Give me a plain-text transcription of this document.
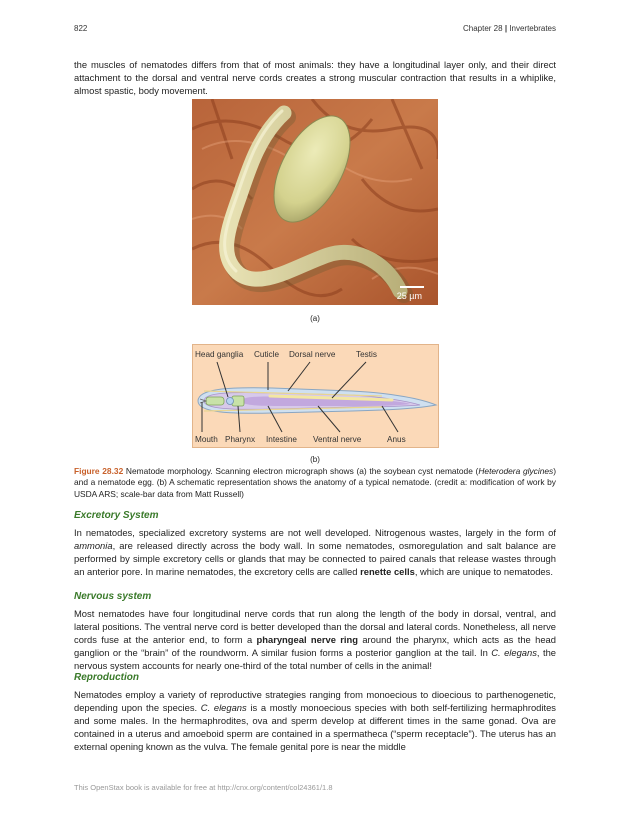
822	Chapter 28 | Invertebrates

the muscles of nematodes differs from that of most animals: they have a longitudinal layer only, and their direct attachment to the dorsal and ventral nerve cords creates a strong muscular contraction that results in a whiplike, almost spastic, body movement.

25 µm
(a)
Head ganglia Cuticle Dorsal nerve	Testis
Mouth Pharynx Intestine Ventral nerve	Anus
(b)
Figure 28.32 Nematode morphology. Scanning electron micrograph shows (a) the soybean cyst nematode (Heterodera glycines) and a nematode egg. (b) A schematic representation shows the anatomy of a typical nematode. (credit a: modification of work by USDA ARS; scale-bar data from Matt Russell)
Excretory System

In nematodes, specialized excretory systems are not well developed. Nitrogenous wastes, largely in the form of ammonia, are released directly across the body wall. In some nematodes, osmoregulation and salt balance are performed by simple excretory cells or glands that may be connected to paired canals that release wastes through an anterior pore. In marine nematodes, the excretory cells are called renette cells, which are unique to nematodes.

Nervous system

Most nematodes have four longitudinal nerve cords that run along the length of the body in dorsal, ventral, and lateral positions. The ventral nerve cord is better developed than the dorsal and lateral cords. Nonetheless, all nerve cords fuse at the anterior end, to form a pharyngeal nerve ring around the pharynx, which acts as the head ganglion or the “brain” of the roundworm. A similar fusion forms a posterior ganglion at the tail. In C. elegans, the nervous system accounts for nearly one-third of the total number of cells in the animal!

Reproduction

Nematodes employ a variety of reproductive strategies ranging from monoecious to dioecious to parthenogenetic, depending upon the species. C. elegans is a mostly monoecious species with both self-fertilizing hermaphrodites and some males. In the hermaphrodites, ova and sperm develop at different times in the same gonad. Ova are contained in a uterus and amoeboid sperm are contained in a spermatheca (“sperm receptacle”). The uterus has an external opening known as the vulva. The female genital pore is near the middle

This OpenStax book is available for free at http://cnx.org/content/col24361/1.8
